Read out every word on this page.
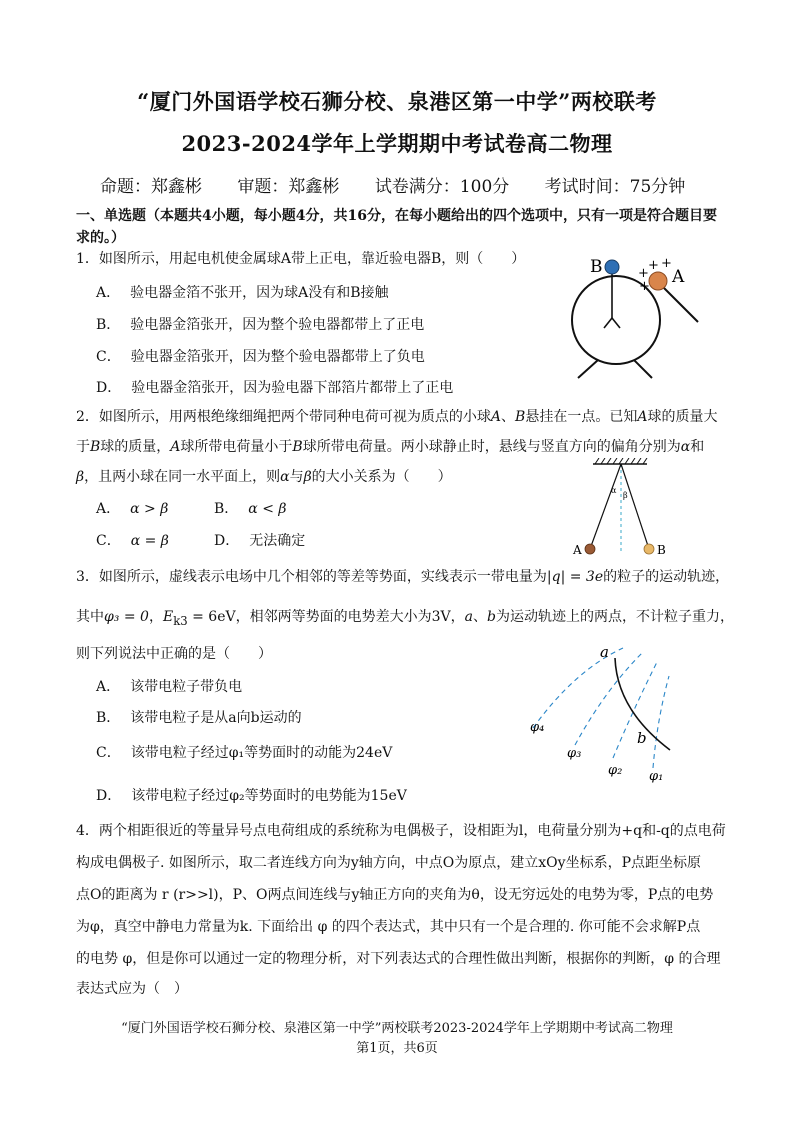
“厦门外国语学校石狮分校、泉港区第一中学”两校联考
2023-2024学年上学期期中考试卷高二物理
命题：郑鑫彬 审题：郑鑫彬 试卷满分：100分 考试时间：75分钟
一、单选题（本题共4小题，每小题4分，共16分，在每小题给出的四个选项中，只有一项是符合题目要求的。）
1．如图所示，用起电机使金属球A带上正电，靠近验电器B，则（　　）
A． 验电器金箔不张开，因为球A没有和B接触
B． 验电器金箔张开，因为整个验电器都带上了正电
C． 验电器金箔张开，因为整个验电器都带上了负电
D． 验电器金箔张开，因为验电器下部箔片都带上了正电
B	A
+
+ +
+
2．如图所示，用两根绝缘细绳把两个带同种电荷可视为质点的小球A、B悬挂在一点。已知A球的质量大
于B球的质量，A球所带电荷量小于B球所带电荷量。两小球静止时，悬线与竖直方向的偏角分别为α和
β，且两小球在同一水平面上，则α与β的大小关系为（　　）
A． α > β	B． α < β
C． α = β	D． 无法确定
α
β
A	B
3．如图所示，虚线表示电场中几个相邻的等差等势面，实线表示一带电量为|q| = 3e的粒子的运动轨迹，
其中φ₃ = 0，$E_{k3} = 6eV$，相邻两等势面的电势差大小为3V，a、b为运动轨迹上的两点，不计粒子重力，
则下列说法中正确的是（　　）
A． 该带电粒子带负电
B． 该带电粒子是从a向b运动的
C． 该带电粒子经过φ₁等势面时的动能为24eV
D． 该带电粒子经过φ₂等势面时的电势能为15eV
a
b
φ₄
φ₃
φ₂ φ₁
4．两个相距很近的等量异号点电荷组成的系统称为电偶极子，设相距为l，电荷量分别为+q和-q的点电荷
构成电偶极子. 如图所示，取二者连线方向为y轴方向，中点O为原点，建立xOy坐标系，P点距坐标原
点O的距离为 r (r>>l)，P、O两点间连线与y轴正方向的夹角为θ，设无穷远处的电势为零，P点的电势
为φ，真空中静电力常量为k. 下面给出 φ 的四个表达式，其中只有一个是合理的. 你可能不会求解P点
的电势 φ，但是你可以通过一定的物理分析，对下列表达式的合理性做出判断，根据你的判断，φ 的合理
表达式应为（　）
“厦门外国语学校石狮分校、泉港区第一中学”两校联考2023-2024学年上学期期中考试高二物理
第1页，共6页
